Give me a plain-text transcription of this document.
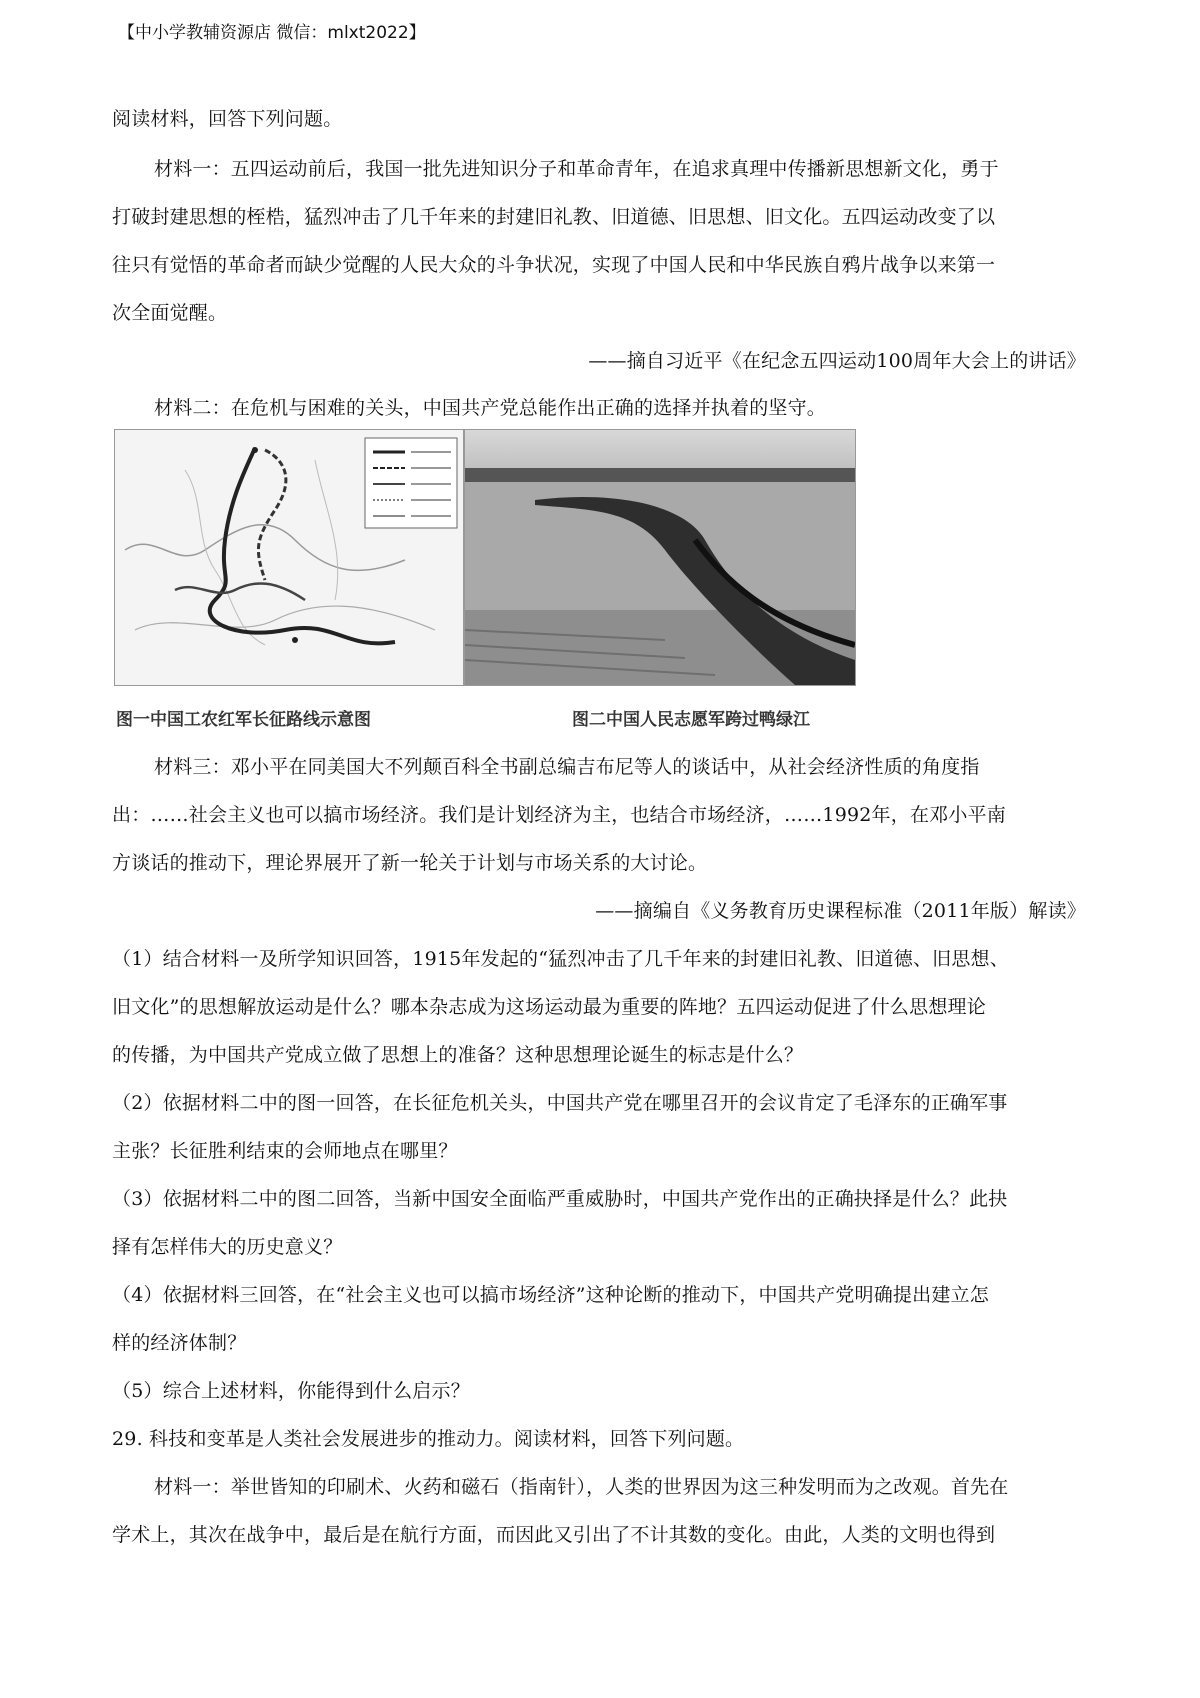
【中小学教辅资源店 微信：mlxt2022】
阅读材料，回答下列问题。
材料一：五四运动前后，我国一批先进知识分子和革命青年，在追求真理中传播新思想新文化，勇于
打破封建思想的桎梏，猛烈冲击了几千年来的封建旧礼教、旧道德、旧思想、旧文化。五四运动改变了以
往只有觉悟的革命者而缺少觉醒的人民大众的斗争状况，实现了中国人民和中华民族自鸦片战争以来第一
次全面觉醒。
——摘自习近平《在纪念五四运动100周年大会上的讲话》
材料二：在危机与困难的关头，中国共产党总能作出正确的选择并执着的坚守。
图一中国工农红军长征路线示意图	图二中国人民志愿军跨过鸭绿江
材料三：邓小平在同美国大不列颠百科全书副总编吉布尼等人的谈话中，从社会经济性质的角度指
出：……社会主义也可以搞市场经济。我们是计划经济为主，也结合市场经济，……1992年，在邓小平南
方谈话的推动下，理论界展开了新一轮关于计划与市场关系的大讨论。
——摘编自《义务教育历史课程标准（2011年版）解读》
（1）结合材料一及所学知识回答，1915年发起的“猛烈冲击了几千年来的封建旧礼教、旧道德、旧思想、
旧文化”的思想解放运动是什么？哪本杂志成为这场运动最为重要的阵地？五四运动促进了什么思想理论
的传播，为中国共产党成立做了思想上的准备？这种思想理论诞生的标志是什么？
（2）依据材料二中的图一回答，在长征危机关头，中国共产党在哪里召开的会议肯定了毛泽东的正确军事
主张？长征胜利结束的会师地点在哪里？
（3）依据材料二中的图二回答，当新中国安全面临严重威胁时，中国共产党作出的正确抉择是什么？此抉
择有怎样伟大的历史意义？
（4）依据材料三回答，在“社会主义也可以搞市场经济”这种论断的推动下，中国共产党明确提出建立怎
样的经济体制？
（5）综合上述材料，你能得到什么启示？
29. 科技和变革是人类社会发展进步的推动力。阅读材料，回答下列问题。
材料一：举世皆知的印刷术、火药和磁石（指南针），人类的世界因为这三种发明而为之改观。首先在
学术上，其次在战争中，最后是在航行方面，而因此又引出了不计其数的变化。由此，人类的文明也得到
